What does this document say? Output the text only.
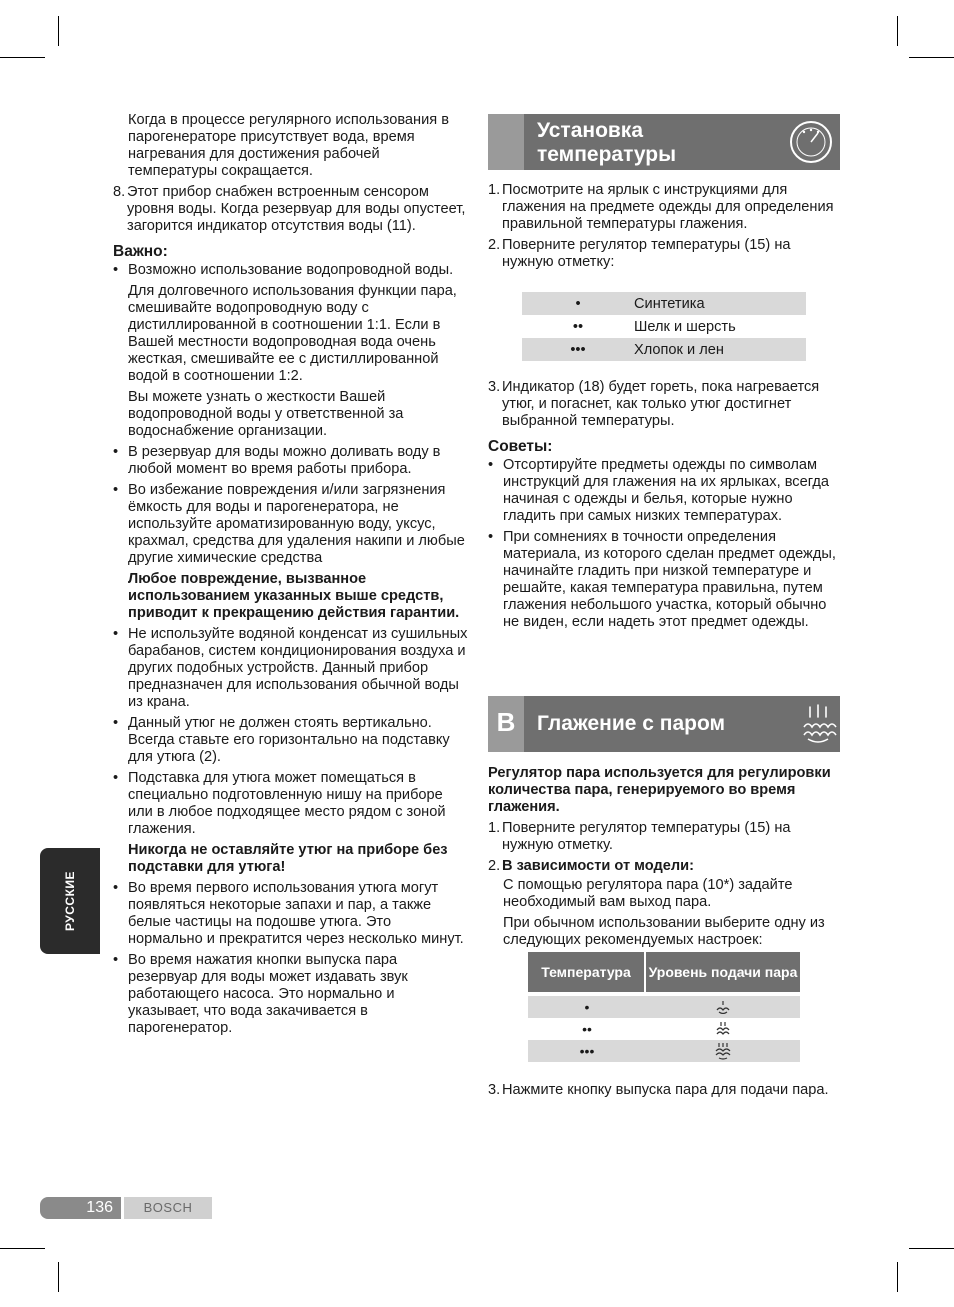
Когда в процессе регулярного использования в парогенераторе присутствует вода, время нагревания для достижения рабочей температуры сокращается.

8. Этот прибор снабжен встроенным сенсором уровня воды. Когда резервуар для воды опустеет, загорится индикатор отсутствия воды (11).
Важно:
• Возможно использование водопроводной воды.
Для долговечного использования функции пара, смешивайте водопроводную воду с дистиллированной в соотношении 1:1. Если в Вашей местности водопроводная вода очень жесткая, смешивайте ее с дистиллированной водой в соотношении 1:2.
Вы можете узнать о жесткости Вашей водопроводной воды у ответственной за водоснабжение организации.
• В резервуар для воды можно доливать воду в любой момент во время работы прибора.
• Во избежание повреждения и/или загрязнения ёмкость для воды и парогенератора, не используйте ароматизированную воду, уксус, крахмал, средства для удаления накипи и любые другие химические средства
Любое повреждение, вызванное использованием указанных выше средств, приводит к прекращению действия гарантии.
• Не используйте водяной конденсат из сушильных барабанов, систем кондиционирования воздуха и других подобных устройств. Данный прибор предназначен для использования обычной воды из крана.
• Данный утюг не должен стоять вертикально. Всегда ставьте его горизонтально на подставку для утюга (2).
• Подставка для утюга может помещаться в специально подготовленную нишу на приборе или в любое подходящее место рядом с зоной глажения.
Никогда не оставляйте утюг на приборе без подставки для утюга!
• Во время первого использования утюга могут появляться некоторые запахи и пар, а также белые частицы на подошве утюга. Это нормально и прекратится через несколько минут.
• Во время нажатия кнопки выпуска пара резервуар для воды может издавать звук работающего насоса. Это нормально и указывает, что вода закачивается в парогенератор.
Установка
температуры
1. Посмотрите на ярлык с инструкциями для глажения на предмете одежды для определения правильной температуры глажения.
2. Поверните регулятор температуры (15) на нужную отметку:
•	Синтетика
••	Шелк и шерсть
•••	Хлопок и лен
3. Индикатор (18) будет гореть, пока нагревается утюг, и погаснет, как только утюг достигнет выбранной температуры.
Советы:
• Отсортируйте предметы одежды по символам инструкций для глажения на их ярлыках, всегда начиная с одежды и белья, которые нужно гладить при самых низких температурах.
• При сомнениях в точности определения материала, из которого сделан предмет одежды, начинайте гладить при низкой температуре и решайте, какая температура правильна, путем глажения небольшого участка, который обычно не виден, если надеть этот предмет одежды.
B	Глажение с паром
Регулятор пара используется для регулировки количества пара, генерируемого во время глажения.
1. Поверните регулятор температуры (15) на нужную отметку.
2. В зависимости от модели:
С помощью регулятора пара (10*) задайте необходимый вам выход пара.
При обычном использовании выберите одну из следующих рекомендуемых настроек:
Температура	Уровень подачи пара
•
••
•••
3. Нажмите кнопку выпуска пара для подачи пара.
РУССКИЕ
136	BOSCH
